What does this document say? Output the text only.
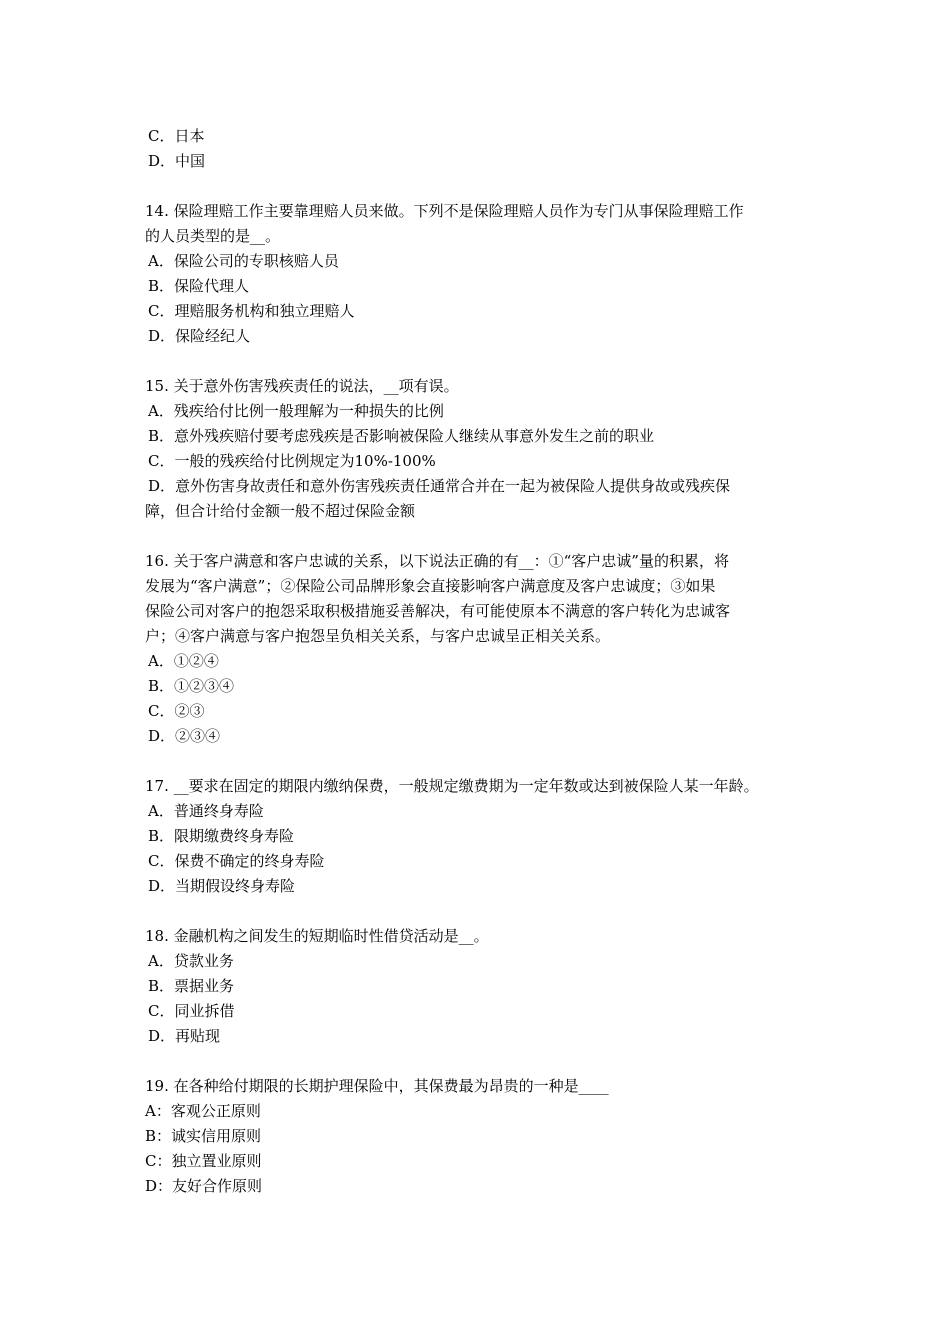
C．日本
D．中国
14. 保险理赔工作主要靠理赔人员来做。下列不是保险理赔人员作为专门从事保险理赔工作
的人员类型的是__。
A．保险公司的专职核赔人员
B．保险代理人
C．理赔服务机构和独立理赔人
D．保险经纪人
15. 关于意外伤害残疾责任的说法，__项有误。
A．残疾给付比例一般理解为一种损失的比例
B．意外残疾赔付要考虑残疾是否影响被保险人继续从事意外发生之前的职业
C．一般的残疾给付比例规定为10%-100%
D．意外伤害身故责任和意外伤害残疾责任通常合并在一起为被保险人提供身故或残疾保
障，但合计给付金额一般不超过保险金额
16. 关于客户满意和客户忠诚的关系，以下说法正确的有__：①“客户忠诚”量的积累，将
发展为“客户满意”；②保险公司品牌形象会直接影响客户满意度及客户忠诚度；③如果
保险公司对客户的抱怨采取积极措施妥善解决，有可能使原本不满意的客户转化为忠诚客
户；④客户满意与客户抱怨呈负相关关系，与客户忠诚呈正相关关系。
A．①②④
B．①②③④
C．②③
D．②③④
17. __要求在固定的期限内缴纳保费，一般规定缴费期为一定年数或达到被保险人某一年龄。
A．普通终身寿险
B．限期缴费终身寿险
C．保费不确定的终身寿险
D．当期假设终身寿险
18. 金融机构之间发生的短期临时性借贷活动是__。
A．贷款业务
B．票据业务
C．同业拆借
D．再贴现
19. 在各种给付期限的长期护理保险中，其保费最为昂贵的一种是____
A：客观公正原则
B：诚实信用原则
C：独立置业原则
D：友好合作原则
